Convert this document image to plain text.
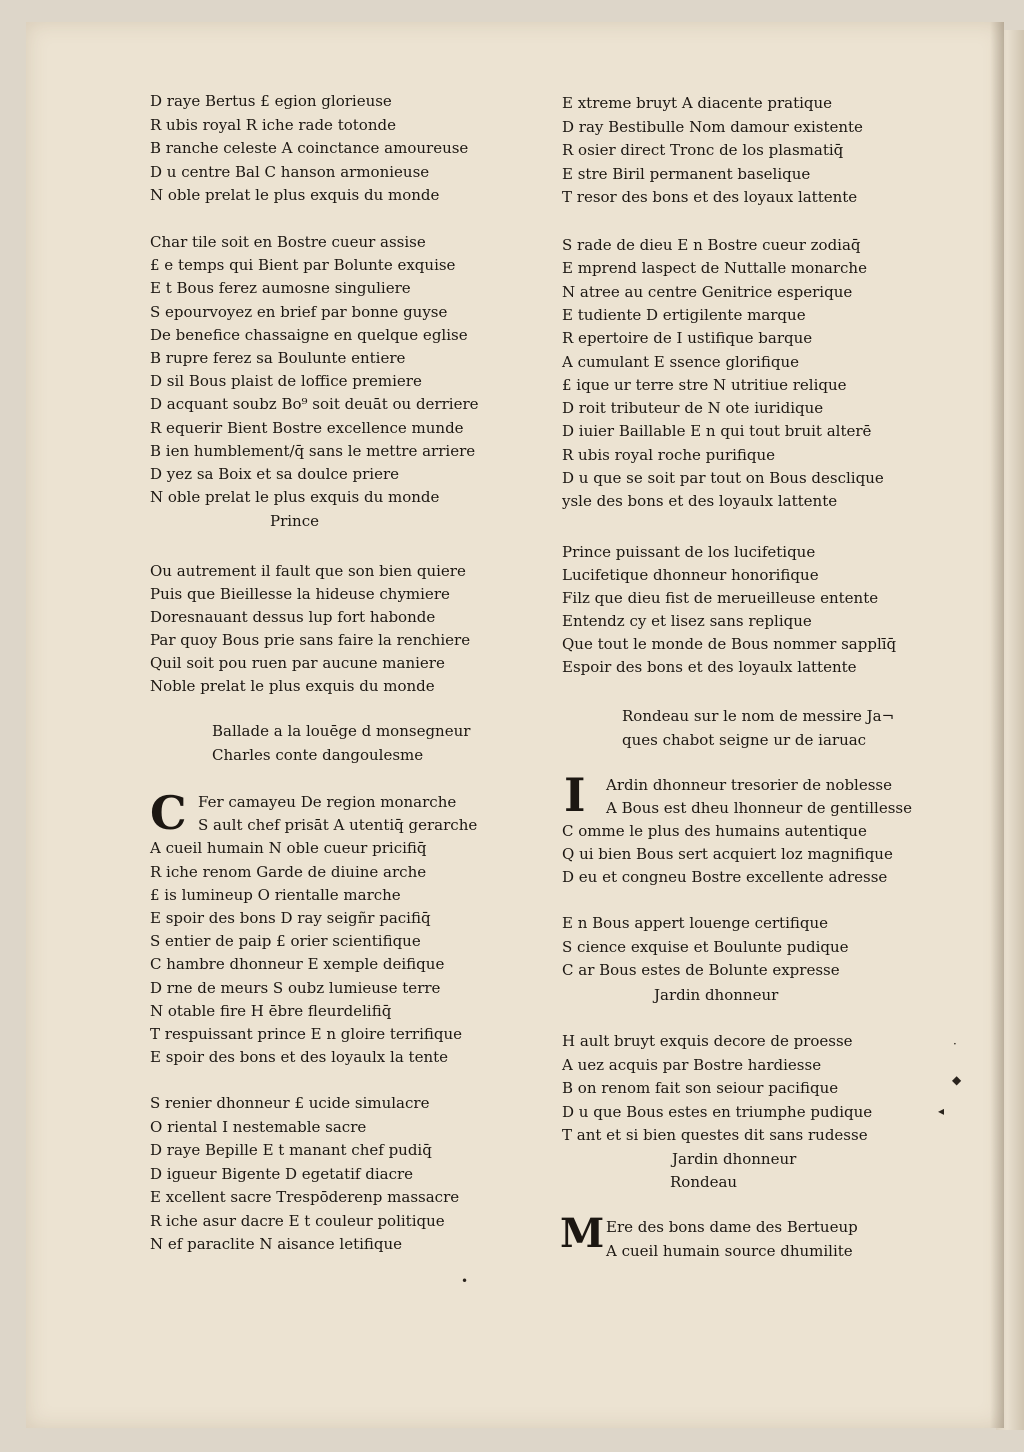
D raye Bertus £ egion glorieuse
R ubis royal R iche rade totonde
B ranche celeste A coinctance amoureuse
D u centre Bal C hanson armonieuse
N oble prelat le plus exquis du monde
Char tile soit en Bostre cueur assise
£ e temps qui Bient par Bolunte exquise
E t Bous ferez aumosne singuliere
S epourvoyez en brief par bonne guyse
De benefice chassaigne en quelque eglise
B rupre ferez sa Boulunte entiere
D sil Bous plaist de loffice premiere
D acquant soubz Bo⁹ soit deuāt ou derriere
R equerir Bient Bostre excellence munde
B ien humblement/q̄ sans le mettre arriere
D yez sa Boix et sa doulce priere
N oble prelat le plus exquis du monde
Prince
Ou autrement il fault que son bien quiere
Puis que Bieillesse la hideuse chymiere
Doresnauant dessus lup fort habonde
Par quoy Bous prie sans faire la renchiere
Quil soit pou ruen par aucune maniere
Noble prelat le plus exquis du monde
Ballade a la louēge d monsegneur
Charles conte dangoulesme
Fer camayeu De region monarche
S ault chef prisāt A utentiq̄ gerarche
A cueil humain N oble cueur pricifiq̄
R iche renom Garde de diuine arche
£ is lumineup O rientalle marche
E spoir des bons D ray seigñr pacifiq̄
S entier de paip £ orier scientifique
C hambre dhonneur E xemple deifique
D rne de meurs S oubz lumieuse terre
N otable fire H ēbre fleurdelifiq̄
T respuissant prince E n gloire terrifique
E spoir des bons et des loyaulx la tente
S renier dhonneur £ ucide simulacre
O riental I nestemable sacre
D raye Bepille E t manant chef pudiq̄
D igueur Bigente D egetatif diacre
E xcellent sacre Trespōderenp massacre
R iche asur dacre E t couleur politique
N ef paraclite N aisance letifique
E xtreme bruyt A diacente pratique
D ray Bestibulle Nom damour existente
R osier direct Tronc de los plasmatiq̄
E stre Biril permanent baselique
T resor des bons et des loyaux lattente
S rade de dieu E n Bostre cueur zodiaq̄
E mprend laspect de Nuttalle monarche
N atree au centre Genitrice esperique
E tudiente D ertigilente marque
R epertoire de I ustifique barque
A cumulant E ssence glorifique
£ ique ur terre stre N utritiue relique
D roit tributeur de N ote iuridique
D iuier Baillable E n qui tout bruit alterē
R ubis royal roche purifique
D u que se soit par tout on Bous desclique
ysle des bons et des loyaulx lattente
Prince puissant de los lucifetique
Lucifetique dhonneur honorifique
Filz que dieu fist de merueilleuse entente
Entendz cy et lisez sans replique
Que tout le monde de Bous nommer sapplīq̄
Espoir des bons et des loyaulx lattente
Rondeau sur le nom de messire Ja¬
ques chabot seigne ur de iaruac
Ardin dhonneur tresorier de noblesse
A Bous est dheu lhonneur de gentillesse
C omme le plus des humains autentique
Q ui bien Bous sert acquiert loz magnifique
D eu et congneu Bostre excellente adresse
E n Bous appert louenge certifique
S cience exquise et Boulunte pudique
C ar Bous estes de Bolunte expresse
Jardin dhonneur
H ault bruyt exquis decore de proesse
A uez acquis par Bostre hardiesse
B on renom fait son seiour pacifique
D u que Bous estes en triumphe pudique
T ant et si bien questes dit sans rudesse
Jardin dhonneur
Rondeau
Ere des bons dame des Bertueup
A cueil humain source dhumilite
C	I
M
·
◆
◂
•
